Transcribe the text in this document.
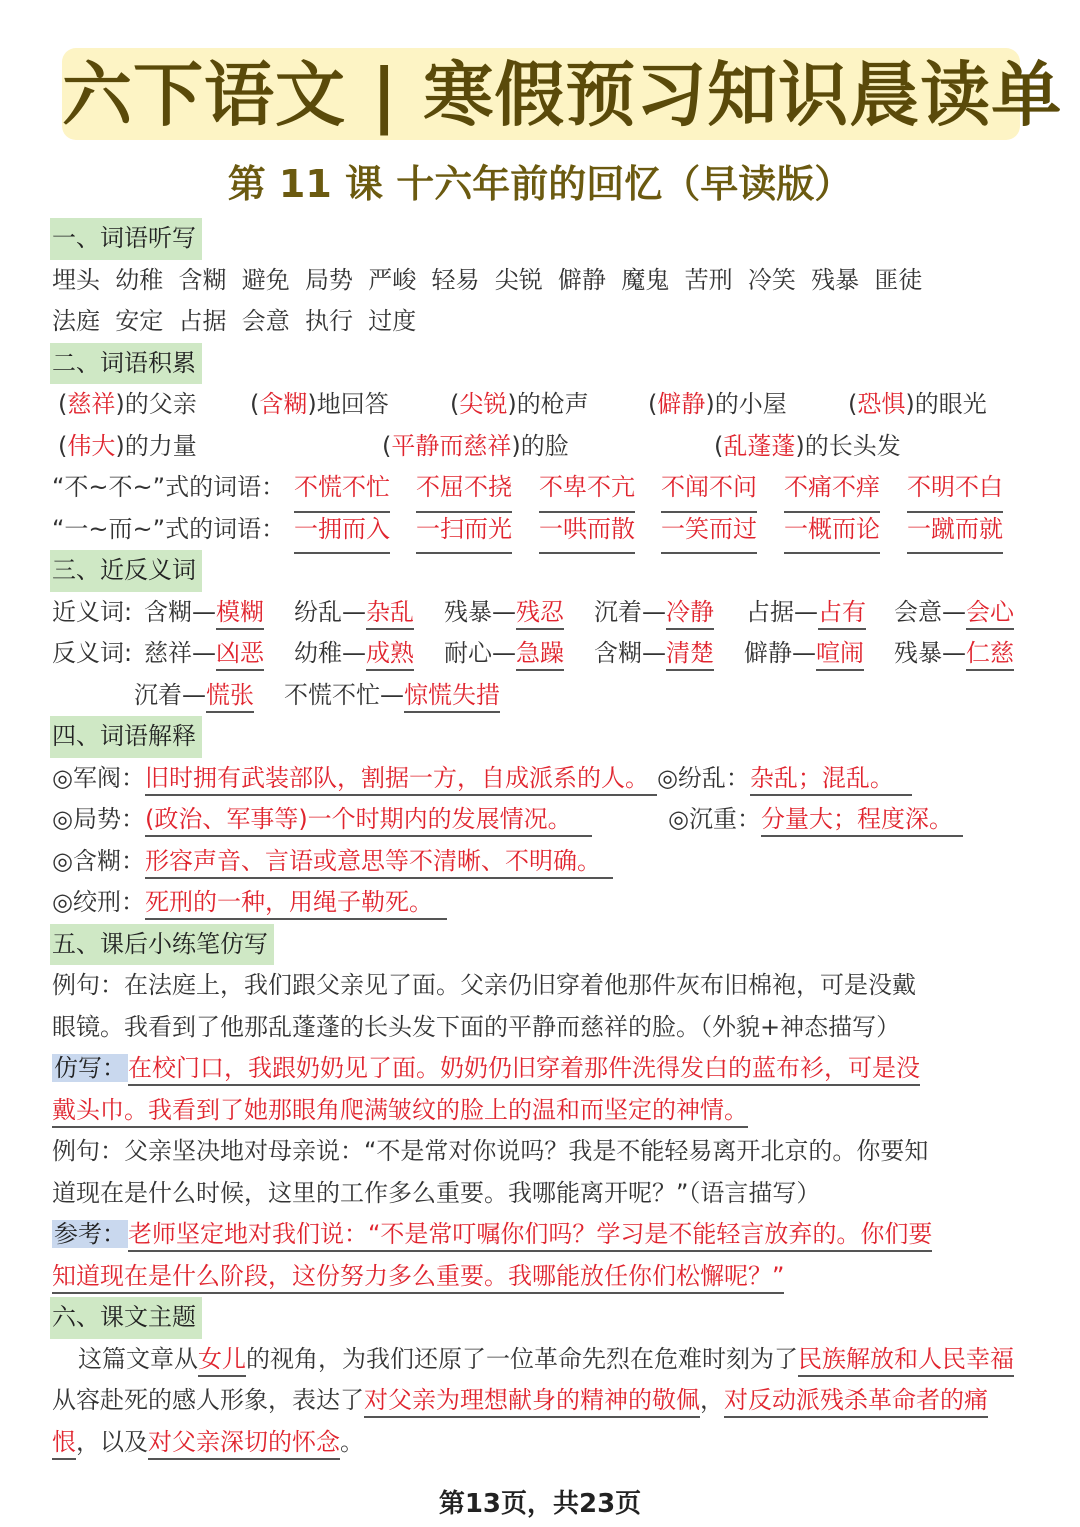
六下语文 | 寒假预习知识晨读单
第 11 课 十六年前的回忆（早读版）
一、词语听写
埋头  幼稚  含糊  避免  局势  严峻  轻易  尖锐  僻静  魔鬼  苦刑  冷笑  残暴  匪徒
法庭  安定  占据  会意  执行  过度
二、词语积累
(慈祥)的父亲 (含糊)地回答	(尖锐)的枪声 (僻静)的小屋	(恐惧)的眼光
(伟大)的力量	(平静而慈祥)的脸	(乱蓬蓬)的长头发
“不~不~”式的词语： 不慌不忙 不屈不挠 不卑不亢 不闻不问 不痛不痒 不明不白
“一~而~”式的词语： 一拥而入 一扫而光 一哄而散 一笑而过 一概而论 一蹴而就
三、近反义词
近义词: 含糊—模糊 纷乱—杂乱 残暴—残忍 沉着—冷静 占据—占有 会意—会心
反义词: 慈祥—凶恶 幼稚—成熟 耐心—急躁 含糊—清楚 僻静—喧闹 残暴—仁慈
沉着—慌张 不慌不忙—惊慌失措
四、词语解释
◎军阀：旧时拥有武装部队，割据一方，自成派系的人。 ◎纷乱：杂乱；混乱。
◎局势：(政治、军事等)一个时期内的发展情况。	◎沉重：分量大；程度深。
◎含糊：形容声音、言语或意思等不清晰、不明确。
◎绞刑：死刑的一种，用绳子勒死。
五、课后小练笔仿写
例句：在法庭上，我们跟父亲见了面。父亲仍旧穿着他那件灰布旧棉袍，可是没戴
眼镜。我看到了他那乱蓬蓬的长头发下面的平静而慈祥的脸。（外貌+神态描写）
仿写：在校门口，我跟奶奶见了面。奶奶仍旧穿着那件洗得发白的蓝布衫，可是没
戴头巾。我看到了她那眼角爬满皱纹的脸上的温和而坚定的神情。
例句：父亲坚决地对母亲说：“不是常对你说吗？我是不能轻易离开北京的。你要知
道现在是什么时候，这里的工作多么重要。我哪能离开呢？”（语言描写）
参考：老师坚定地对我们说：“不是常叮嘱你们吗？学习是不能轻言放弃的。你们要
知道现在是什么阶段，这份努力多么重要。我哪能放任你们松懈呢？”
六、课文主题
这篇文章从女儿的视角，为我们还原了一位革命先烈在危难时刻为了民族解放和人民幸福从容赴死的感人形象，表达了对父亲为理想献身的精神的敬佩，对反动派残杀革命者的痛恨，以及对父亲深切的怀念。
第13页，共23页
